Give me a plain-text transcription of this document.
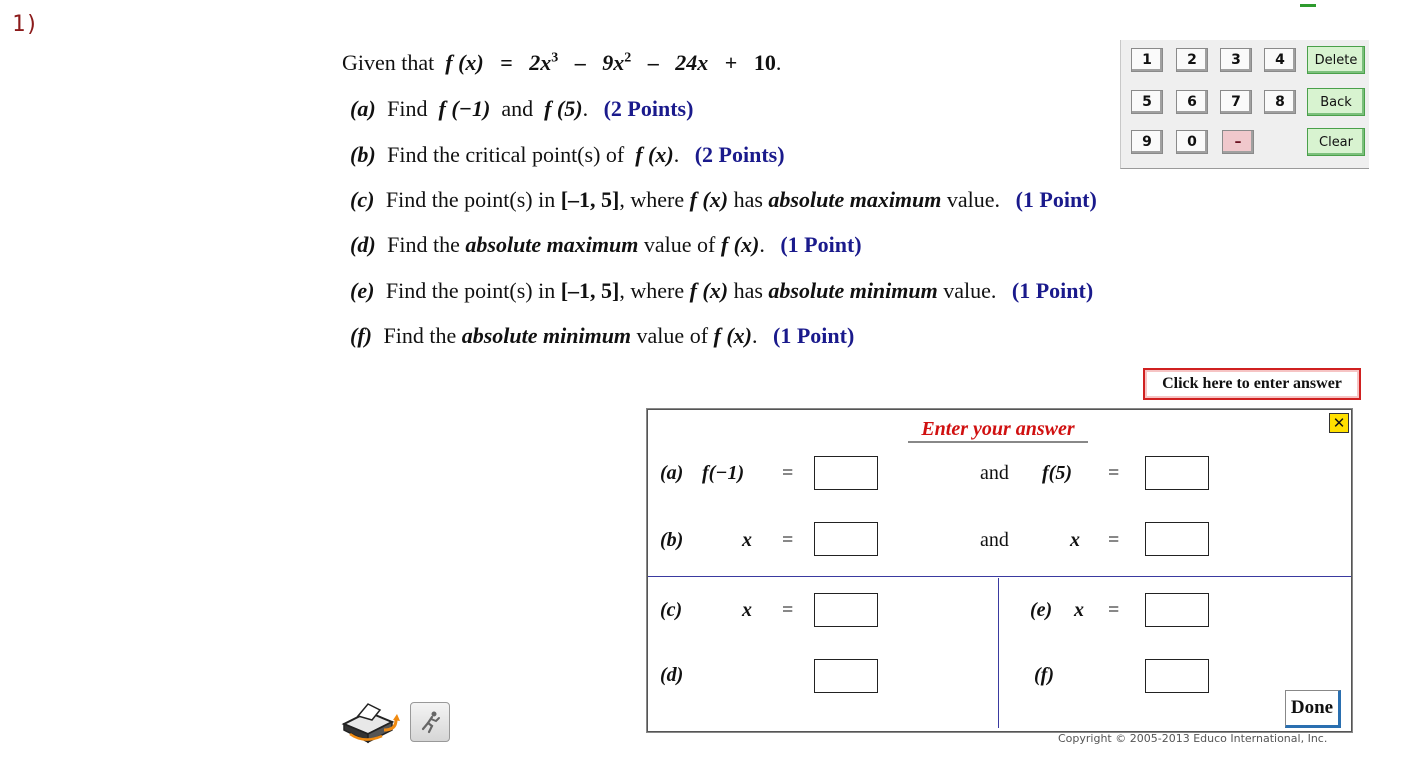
1)
Given that f $(x) = 2x^3 - 9x^2 - 24x + 10$.
(a) Find f (−1) and f (5). (2 Points)
(b) Find the critical point(s) of f (x). (2 Points)
(c) Find the point(s) in [–1, 5], where f (x) has absolute maximum value. (1 Point)
(d) Find the absolute maximum value of f (x). (1 Point)
(e) Find the point(s) in [–1, 5], where f (x) has absolute minimum value. (1 Point)
(f) Find the absolute minimum value of f (x). (1 Point)
1	2	3	4	Delete
5	6	7	8	Back
9	0	–	Clear
Click here to enter answer
Enter your answer	✕
(a) f(−1) =	and f(5) =
(b)	x =	and	x =
(c)	x =	(e) x =
(d)	(f)
Done
Copyright © 2005-2013 Educo International, Inc.
